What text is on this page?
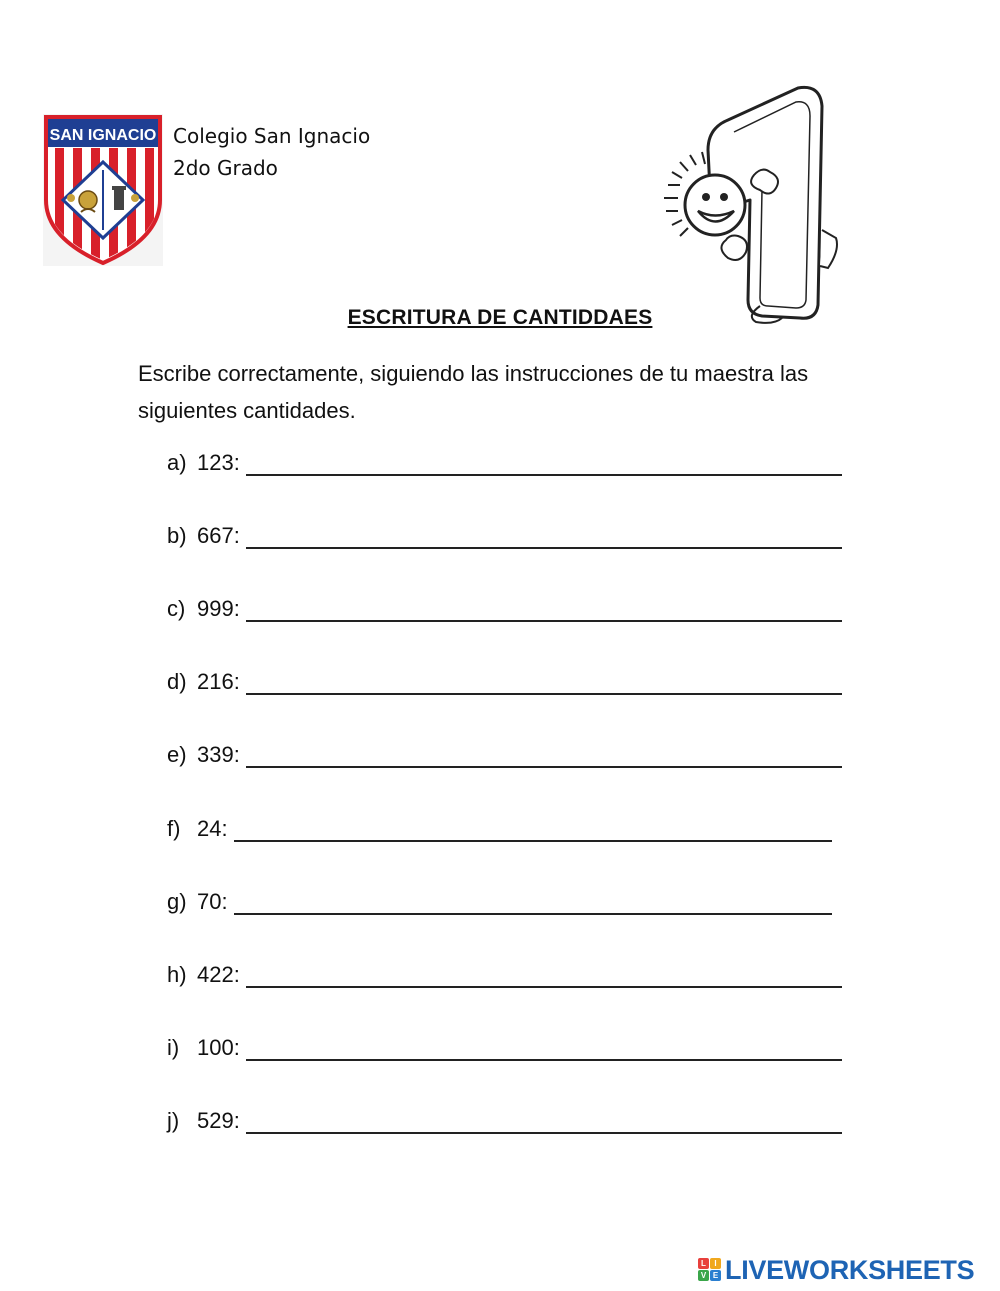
SAN IGNACIO Colegio San Ignacio
2do Grado
ESCRITURA DE CANTIDDAES
Escribe correctamente, siguiendo las instrucciones de tu maestra las siguientes cantidades.
a) 123:
b) 667:
c) 999:
d) 216:
e) 339:
f) 24:
g) 70:
h) 422:
i) 100:
j) 529:
L	I
V E LIVEWORKSHEETS
